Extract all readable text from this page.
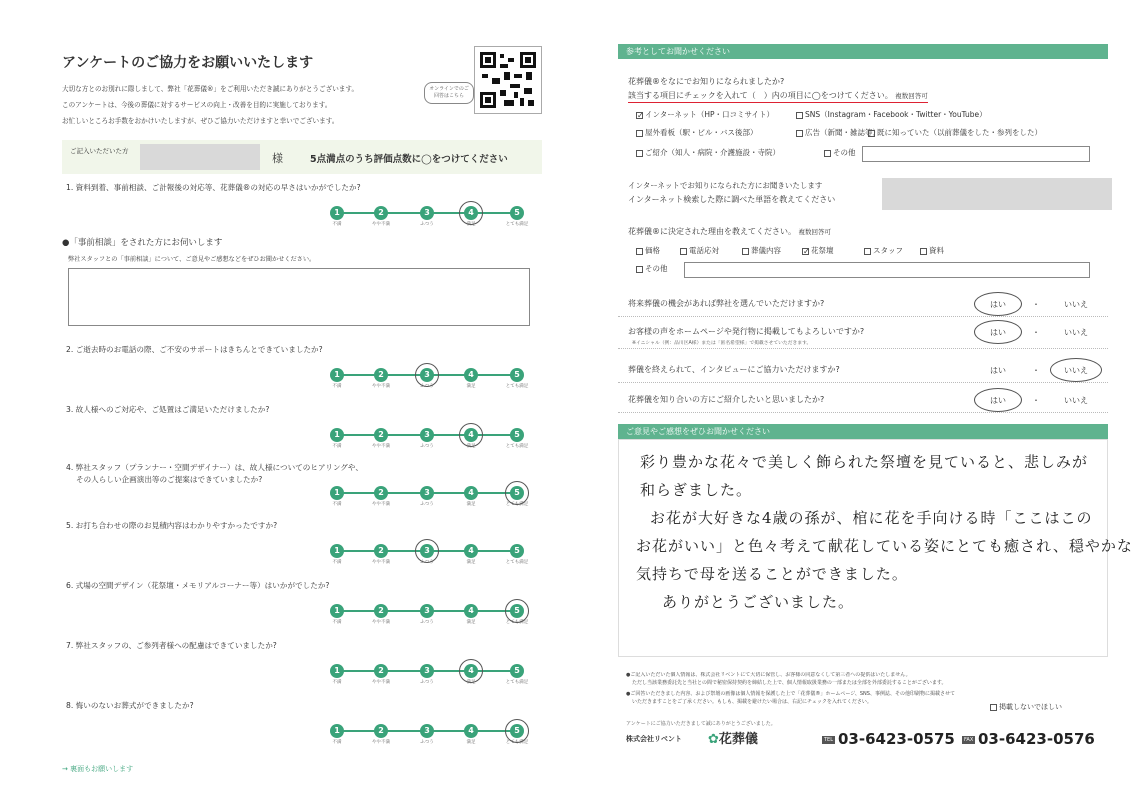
アンケートのご協力をお願いいたします
大切な方とのお別れに際しまして、弊社「花葬儀®」をご利用いただき誠にありがとうございます。
このアンケートは、今後の葬儀に対するサービスの向上・改善を目的に実施しております。
お忙しいところお手数をおかけいたしますが、ぜひご協力いただけますと幸いでございます。
オンラインでのご回答はこちら
ご記入いただいた方
様	5点満点のうち評価点数に◯をつけてください
●「事前相談」をされた方にお伺いします
弊社スタッフとの「事前相談」について、ご意見やご感想などをぜひお聞かせください。
→ 裏面もお願いします
1. 資料到着、事前相談、ご計報後の対応等、花葬儀®の対応の早さはいかがでしたか?
1
不満
2
やや不満
3
ふつう
4
満足
5
とても満足
2. ご逝去時のお電話の際、ご不安のサポートはきちんとできていましたか?
1
不満
2
やや不満
3
ふつう
4
満足
5
とても満足
3. 故人様へのご対応や、ご処置はご満足いただけましたか?
1
不満
2
やや不満
3
ふつう
4
満足
5
とても満足
4. 弊社スタッフ（プランナー・空間デザイナー）は、故人様についてのヒアリングや、
その人らしい企画演出等のご提案はできていましたか?
1
不満
2
やや不満
3
ふつう
4
満足
5
とても満足
5. お打ち合わせの際のお見積内容はわかりやすかったですか?
1
不満
2
やや不満
3
ふつう
4
満足
5
とても満足
6. 式場の空間デザイン（花祭壇・メモリアルコーナー等）はいかがでしたか?
1
不満
2
やや不満
3
ふつう
4
満足
5
とても満足
7. 弊社スタッフの、ご参列者様への配慮はできていましたか?
1
不満
2
やや不満
3
ふつう
4
満足
5
とても満足
8. 悔いのないお葬式ができましたか?
1
不満
2
やや不満
3
ふつう
4
満足
5
とても満足
参考としてお聞かせください
花葬儀®をなにでお知りになられましたか?
該当する項目にチェックを入れて（　）内の項目に◯をつけてください。 複数回答可
インターネットでお知りになられた方にお聞きいたします
インターネット検索した際に調べた単語を教えてください
花葬儀®に決定された理由を教えてください。 複数回答可
ご意見やご感想をぜひお聞かせください
彩り豊かな花々で美しく飾られた祭壇を見ていると、悲しみが
和らぎました。
お花が大好きな4歳の孫が、棺に花を手向ける時「ここはこの
お花がいい」と色々考えて献花している姿にとても癒され、穏やかな
気持ちで母を送ることができました。
ありがとうございました。
●ご記入いただいた個人情報は、株式会社リベントにて大切に保管し、お客様の同意なくして第三者への提供はいたしません。
ただし当該業務委託先と当社との間で秘密保持契約を締結した上で、個人情報取扱業務の一部または全部を外部委託することがございます。
●ご回答いただきました内容、および祭壇の画像は個人情報を保護した上で「花葬儀®」ホームページ、SNS、事例誌、その他印刷物に掲載させて
いただきますことをご了承ください。もしも、掲載を避けたい場合は、右記にチェックを入れてください。
掲載しないでほしい
アンケートにご協力いただきまして誠にありがとうございました。
株式会社リベント ✿花葬儀	TEL 03-6423-0575	FAX 03-6423-0576
✓インターネット（HP・口コミサイト）	SNS（Instagram・Facebook・Twitter・YouTube）
屋外看板（駅・ビル・バス後部）	広告（新聞・雑誌等）
既に知っていた（以前葬儀をした・参列をした）
ご紹介（知人・病院・介護施設・寺院）	その他
価格	電話応対	葬儀内容	✓花祭壇	スタッフ	資料
その他
将来葬儀の機会があれば弊社を選んでいただけますか?	はい	・	いいえ
お客様の声をホームページや発行物に掲載してもよろしいですか?
※イニシャル（例：品川区A様）または「匿名希望様」で掲載させていただきます。
はい	・	いいえ
葬儀を終えられて、インタビューにご協力いただけますか?	はい	・	いいえ
花葬儀を知り合いの方にご紹介したいと思いましたか?	はい	・	いいえ
